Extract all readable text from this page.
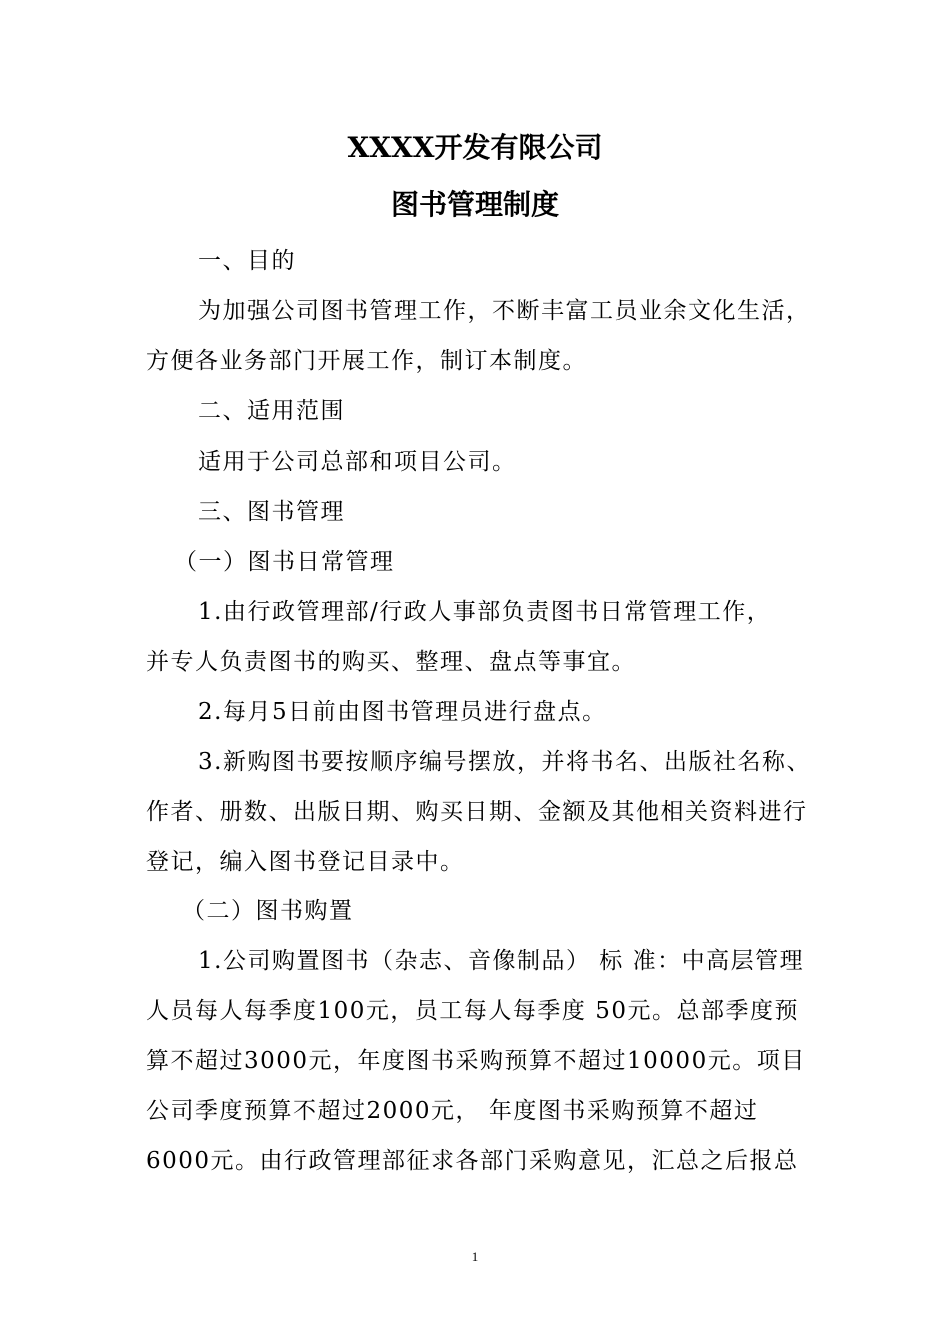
XXXX开发有限公司
图书管理制度
一、目的
为加强公司图书管理工作，不断丰富工员业余文化生活，
方便各业务部门开展工作，制订本制度。
二、适用范围
适用于公司总部和项目公司。
三、图书管理
（一）图书日常管理
1.由行政管理部/行政人事部负责图书日常管理工作，
并专人负责图书的购买、整理、盘点等事宜。
2.每月5日前由图书管理员进行盘点。
3.新购图书要按顺序编号摆放，并将书名、出版社名称、
作者、册数、出版日期、购买日期、金额及其他相关资料进行
登记，编入图书登记目录中。
（二）图书购置
1.公司购置图书（杂志、音像制品） 标 准：中高层管理
人员每人每季度100元，员工每人每季度 50元。总部季度预
算不超过3000元，年度图书采购预算不超过10000元。项目
公司季度预算不超过2000元， 年度图书采购预算不超过
6000元。由行政管理部征求各部门采购意见，汇总之后报总
1
